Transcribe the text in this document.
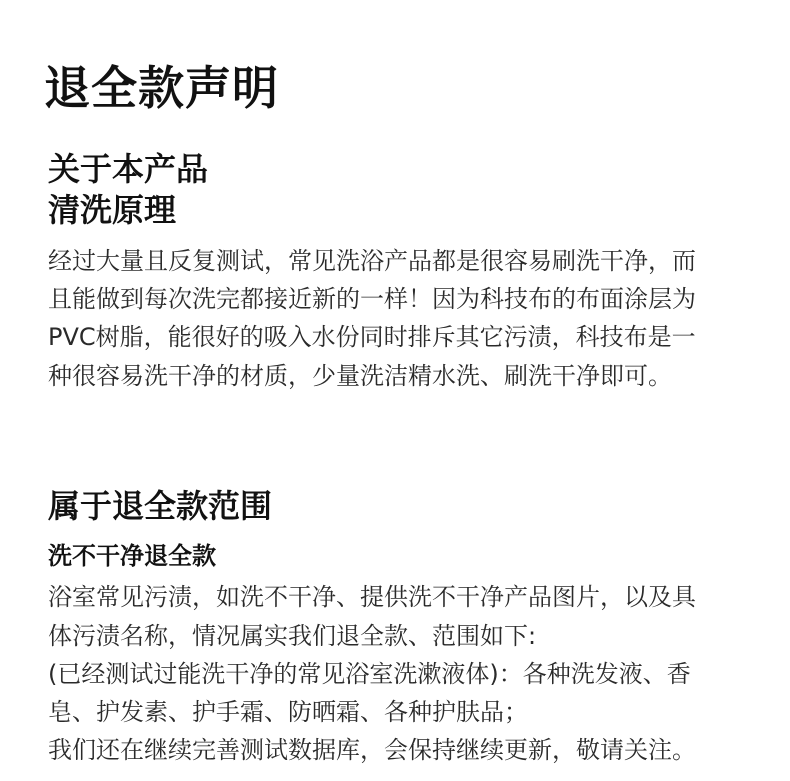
退全款声明
关于本产品
清洗原理
经过大量且反复测试，常见洗浴产品都是很容易刷洗干净，而
且能做到每次洗完都接近新的一样！因为科技布的布面涂层为
PVC树脂，能很好的吸入水份同时排斥其它污渍，科技布是一
种很容易洗干净的材质，少量洗洁精水洗、刷洗干净即可。
属于退全款范围
洗不干净退全款
浴室常见污渍，如洗不干净、提供洗不干净产品图片，以及具
体污渍名称，情况属实我们退全款、范围如下:
(已经测试过能洗干净的常见浴室洗漱液体)：各种洗发液、香
皂、护发素、护手霜、防晒霜、各种护肤品；
我们还在继续完善测试数据库，会保持继续更新，敬请关注。
